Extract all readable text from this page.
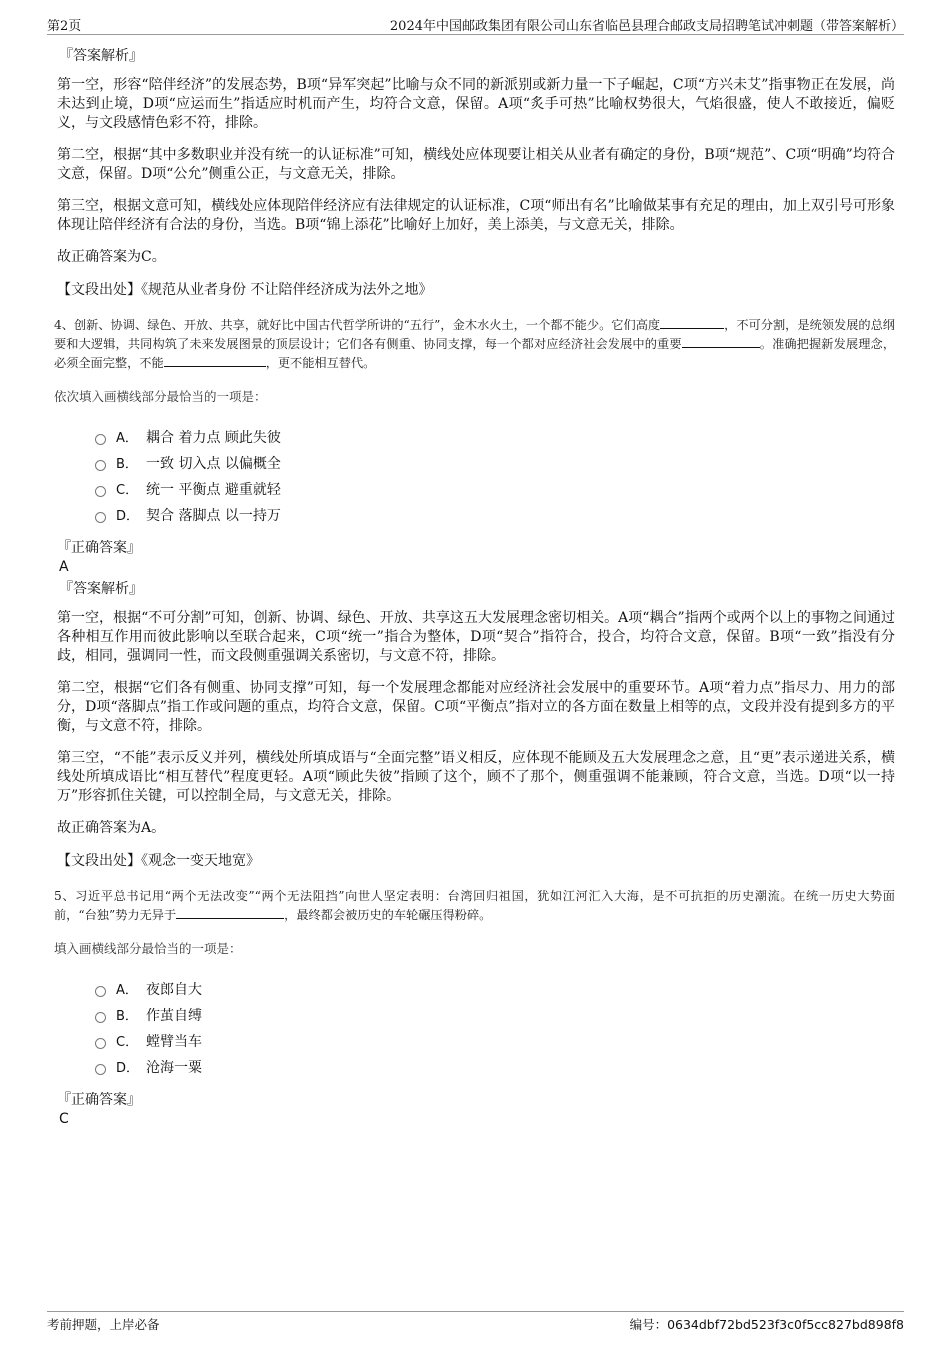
第2页	2024年中国邮政集团有限公司山东省临邑县理合邮政支局招聘笔试冲刺题（带答案解析）
『答案解析』

第一空，形容“陪伴经济”的发展态势，B项“异军突起”比喻与众不同的新派别或新力量一下子崛起，C项“方兴未艾”指事物正在发展，尚未达到止境，D项“应运而生”指适应时机而产生，均符合文意，保留。A项“炙手可热”比喻权势很大，气焰很盛，使人不敢接近，偏贬义，与文段感情色彩不符，排除。

第二空，根据“其中多数职业并没有统一的认证标准”可知，横线处应体现要让相关从业者有确定的身份，B项“规范”、C项“明确”均符合文意，保留。D项“公允”侧重公正，与文意无关，排除。

第三空，根据文意可知，横线处应体现陪伴经济应有法律规定的认证标准，C项“师出有名”比喻做某事有充足的理由，加上双引号可形象体现让陪伴经济有合法的身份，当选。B项“锦上添花”比喻好上加好，美上添美，与文意无关，排除。

故正确答案为C。

【文段出处】《规范从业者身份 不让陪伴经济成为法外之地》

4、创新、协调、绿色、开放、共享，就好比中国古代哲学所讲的“五行”，金木水火土，一个都不能少。它们高度	，不可分割，是统领发展的总纲要和大逻辑，共同构筑了未来发展图景的顶层设计；它们各有侧重、协同支撑，每一个都对应经济社会发展中的重要	。准确把握新发展理念，必须全面完整，不能	，更不能相互替代。

依次填入画横线部分最恰当的一项是：

A． 耦合 着力点 顾此失彼
B． 一致 切入点 以偏概全
C． 统一 平衡点 避重就轻
D． 契合 落脚点 以一持万

『正确答案』

A

『答案解析』

第一空，根据“不可分割”可知，创新、协调、绿色、开放、共享这五大发展理念密切相关。A项“耦合”指两个或两个以上的事物之间通过各种相互作用而彼此影响以至联合起来，C项“统一”指合为整体，D项“契合”指符合，投合，均符合文意，保留。B项“一致”指没有分歧，相同，强调同一性，而文段侧重强调关系密切，与文意不符，排除。

第二空，根据“它们各有侧重、协同支撑”可知，每一个发展理念都能对应经济社会发展中的重要环节。A项“着力点”指尽力、用力的部分，D项“落脚点”指工作或问题的重点，均符合文意，保留。C项“平衡点”指对立的各方面在数量上相等的点，文段并没有提到多方的平衡，与文意不符，排除。

第三空，“不能”表示反义并列，横线处所填成语与“全面完整”语义相反，应体现不能顾及五大发展理念之意，且“更”表示递进关系，横线处所填成语比“相互替代”程度更轻。A项“顾此失彼”指顾了这个，顾不了那个，侧重强调不能兼顾，符合文意，当选。D项“以一持万”形容抓住关键，可以控制全局，与文意无关，排除。

故正确答案为A。

【文段出处】《观念一变天地宽》

5、习近平总书记用“两个无法改变”“两个无法阻挡”向世人坚定表明：台湾回归祖国，犹如江河汇入大海，是不可抗拒的历史潮流。在统一历史大势面前，“台独”势力无异于	，最终都会被历史的车轮碾压得粉碎。

填入画横线部分最恰当的一项是：

A． 夜郎自大
B． 作茧自缚
C． 螳臂当车
D． 沧海一粟

『正确答案』

C

考前押题，上岸必备	编号：0634dbf72bd523f3c0f5cc827bd898f8
